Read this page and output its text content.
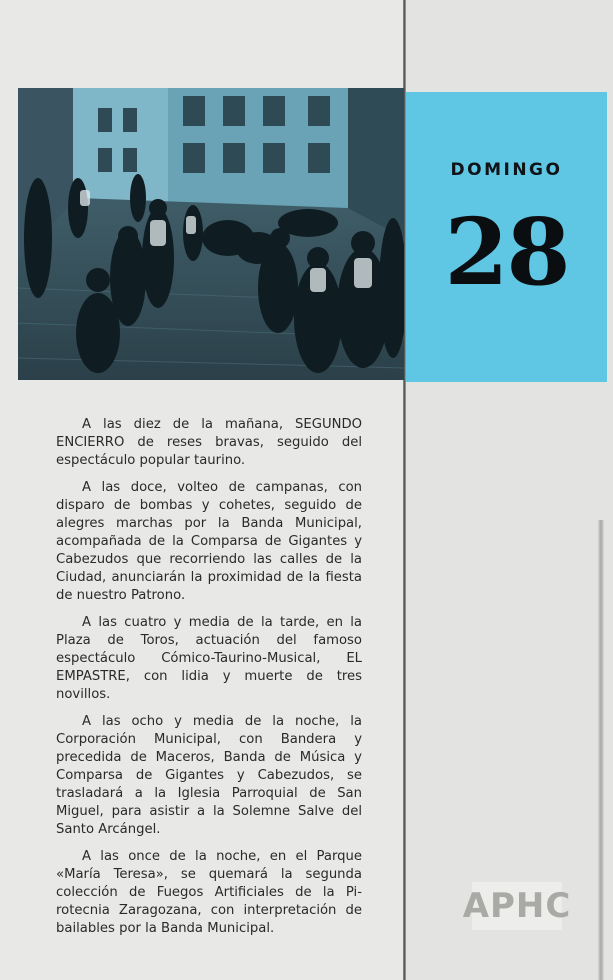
DOMINGO
28

A las diez de la mañana, SEGUNDO ENCIERRO de reses bravas, seguido del espectáculo popular taurino.

A las doce, volteo de campanas, con disparo de bombas y cohetes, seguido de alegres marchas por la Banda Municipal, acompañada de la Comparsa de Gigantes y Cabezudos que recorriendo las calles de la Ciudad, anunciarán la proximidad de la fiesta de nuestro Patrono.

A las cuatro y media de la tarde, en la Plaza de Toros, actuación del famoso espectáculo Cómico-Taurino-Musical, EL EMPASTRE, con lidia y muerte de tres novillos.

A las ocho y media de la noche, la Corporación Municipal, con Bandera y precedida de Maceros, Banda de Música y Comparsa de Gigantes y Cabezudos, se trasladará a la Iglesia Parroquial de San Miguel, para asistir a la Solemne Salve del Santo Arcángel.

A las once de la noche, en el Parque «María Teresa», se quemará la segunda colección de Fuegos Artificiales de la Pirotecnia Zaragozana, con interpretación de bailables por la Banda Municipal.

APHC
